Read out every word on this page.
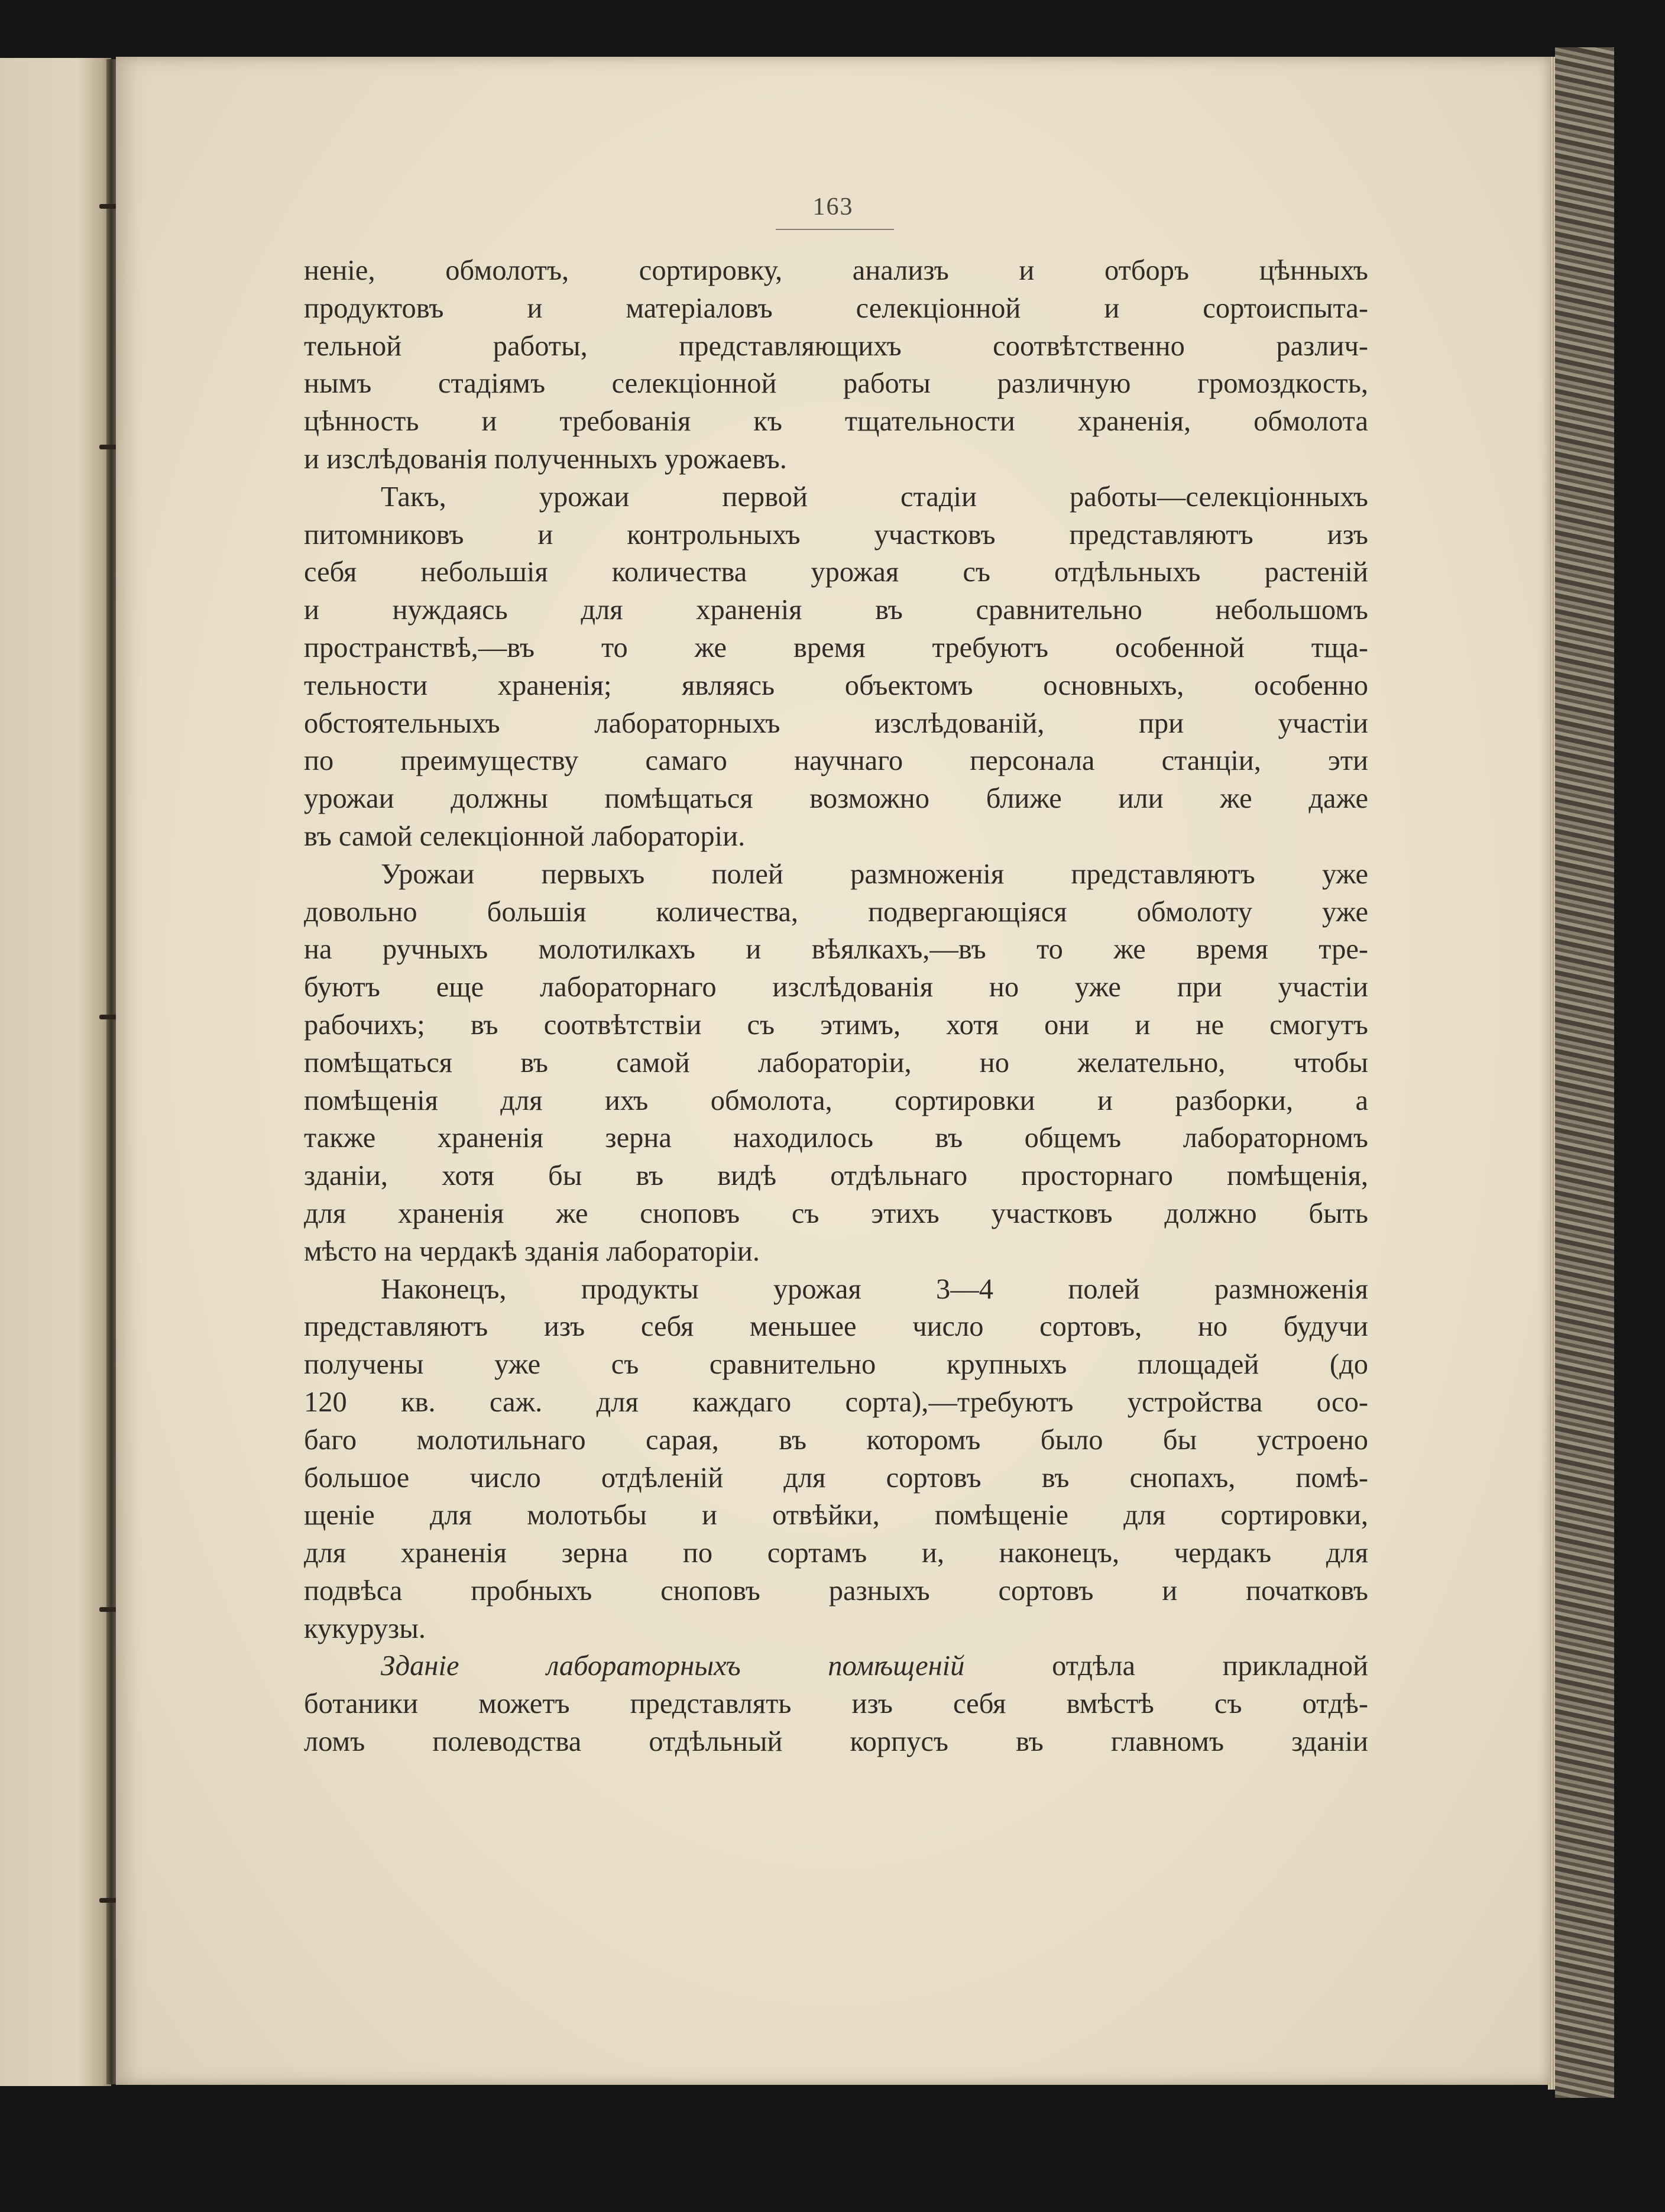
163
ненiе, обмолотъ, сортировку, анализъ и отборъ цѣнныхъ
продуктовъ и матерiаловъ селекцiонной и сортоиспыта-
тельной работы, представляющихъ соотвѣтственно различ-
нымъ стадiямъ селекцiонной работы различную громоздкость,
цѣнность и требованiя къ тщательности храненiя, обмолота
и изслѣдованiя полученныхъ урожаевъ.
Такъ, урожаи первой стадiи работы—селекцiонныхъ
питомниковъ и контрольныхъ участковъ представляютъ изъ
себя небольшiя количества урожая съ отдѣльныхъ растенiй
и нуждаясь для храненiя въ сравнительно небольшомъ
пространствѣ,—въ то же время требуютъ особенной тща-
тельности храненiя; являясь объектомъ основныхъ, особенно
обстоятельныхъ лабораторныхъ изслѣдованiй, при участiи
по преимуществу самаго научнаго персонала станцiи, эти
урожаи должны помѣщаться возможно ближе или же даже
въ самой селекцiонной лабораторiи.
Урожаи первыхъ полей размноженiя представляютъ уже
довольно большiя количества, подвергающiяся обмолоту уже
на ручныхъ молотилкахъ и вѣялкахъ,—въ то же время тре-
буютъ еще лабораторнаго изслѣдованiя но уже при участiи
рабочихъ; въ соотвѣтствiи съ этимъ, хотя они и не смогутъ
помѣщаться въ самой лабораторiи, но желательно, чтобы
помѣщенiя для ихъ обмолота, сортировки и разборки, а
также храненiя зерна находилось въ общемъ лабораторномъ
зданiи, хотя бы въ видѣ отдѣльнаго просторнаго помѣщенiя,
для храненiя же сноповъ съ этихъ участковъ должно быть
мѣсто на чердакѣ зданiя лабораторiи.
Наконецъ, продукты урожая 3—4 полей размноженiя
представляютъ изъ себя меньшее число сортовъ, но будучи
получены уже съ сравнительно крупныхъ площадей (до
120 кв. саж. для каждаго сорта),—требуютъ устройства осо-
баго молотильнаго сарая, въ которомъ было бы устроено
большое число отдѣленiй для сортовъ въ снопахъ, помѣ-
щенiе для молотьбы и отвѣйки, помѣщенiе для сортировки,
для храненiя зерна по сортамъ и, наконецъ, чердакъ для
подвѣса пробныхъ сноповъ разныхъ сортовъ и початковъ
кукурузы.
Зданiе лабораторныхъ помѣщенiй отдѣла прикладной
ботаники можетъ представлять изъ себя вмѣстѣ съ отдѣ-
ломъ полеводства отдѣльный корпусъ въ главномъ зданiи
